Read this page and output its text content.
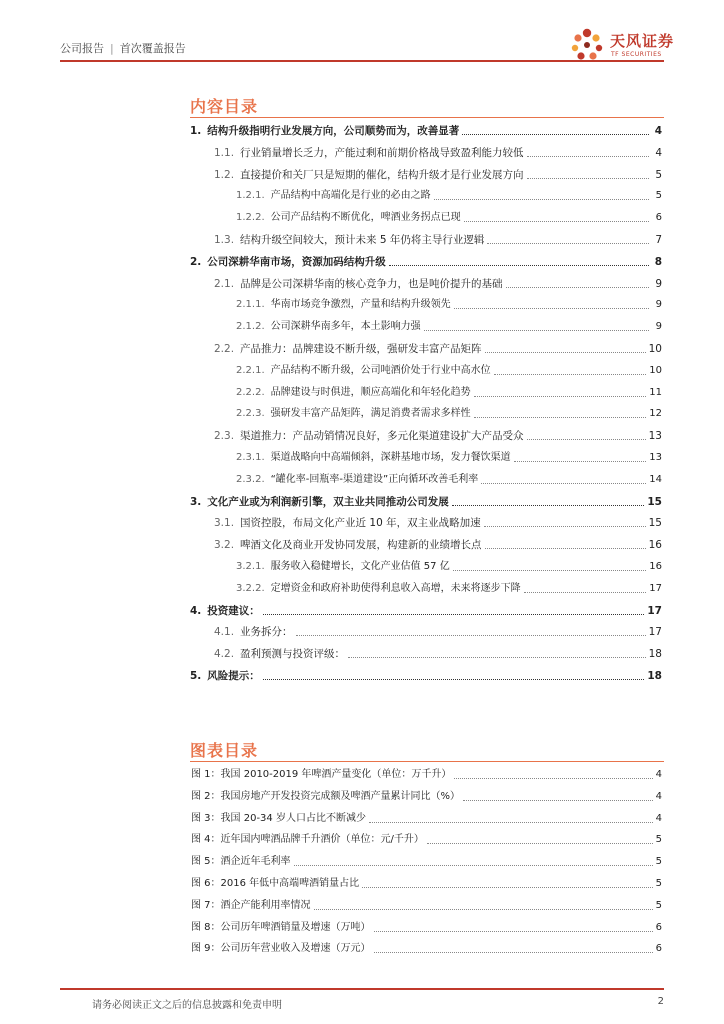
公司报告 | 首次覆盖报告	天风证券
TF SECURITIES
内容目录
1. 结构升级指明行业发展方向，公司顺势而为，改善显著	4
1.1. 行业销量增长乏力，产能过剩和前期价格战导致盈利能力较低	4
1.2. 直接提价和关厂只是短期的催化，结构升级才是行业发展方向	5
1.2.1. 产品结构中高端化是行业的必由之路	5
1.2.2. 公司产品结构不断优化，啤酒业务拐点已现	6
1.3. 结构升级空间较大，预计未来 5 年仍将主导行业逻辑	7
2. 公司深耕华南市场，资源加码结构升级	8
2.1. 品牌是公司深耕华南的核心竞争力，也是吨价提升的基础	9
2.1.1. 华南市场竞争激烈，产量和结构升级领先	9
2.1.2. 公司深耕华南多年，本土影响力强	9
2.2. 产品推力：品牌建设不断升级，强研发丰富产品矩阵	10
2.2.1. 产品结构不断升级，公司吨酒价处于行业中高水位	10
2.2.2. 品牌建设与时俱进，顺应高端化和年轻化趋势	11
2.2.3. 强研发丰富产品矩阵，满足消费者需求多样性	12
2.3. 渠道推力：产品动销情况良好，多元化渠道建设扩大产品受众	13
2.3.1. 渠道战略向中高端倾斜，深耕基地市场，发力餐饮渠道	13
2.3.2. “罐化率-回瓶率-渠道建设”正向循环改善毛利率	14
3. 文化产业或为利润新引擎，双主业共同推动公司发展	15
3.1. 国资控股，布局文化产业近 10 年，双主业战略加速	15
3.2. 啤酒文化及商业开发协同发展，构建新的业绩增长点	16
3.2.1. 服务收入稳健增长，文化产业估值 57 亿	16
3.2.2. 定增资金和政府补助使得利息收入高增，未来将逐步下降	17
4. 投资建议：	17
4.1. 业务拆分：	17
4.2. 盈利预测与投资评级：	18
5. 风险提示：	18
图表目录
图 1：我国 2010-2019 年啤酒产量变化（单位：万千升）	4
图 2：我国房地产开发投资完成额及啤酒产量累计同比（%）	4
图 3：我国 20-34 岁人口占比不断减少	4
图 4：近年国内啤酒品牌千升酒价（单位：元/千升）	5
图 5：酒企近年毛利率	5
图 6：2016 年低中高端啤酒销量占比	5
图 7：酒企产能利用率情况	5
图 8：公司历年啤酒销量及增速（万吨）	6
图 9：公司历年营业收入及增速（万元）	6
请务必阅读正文之后的信息披露和免责申明	2
